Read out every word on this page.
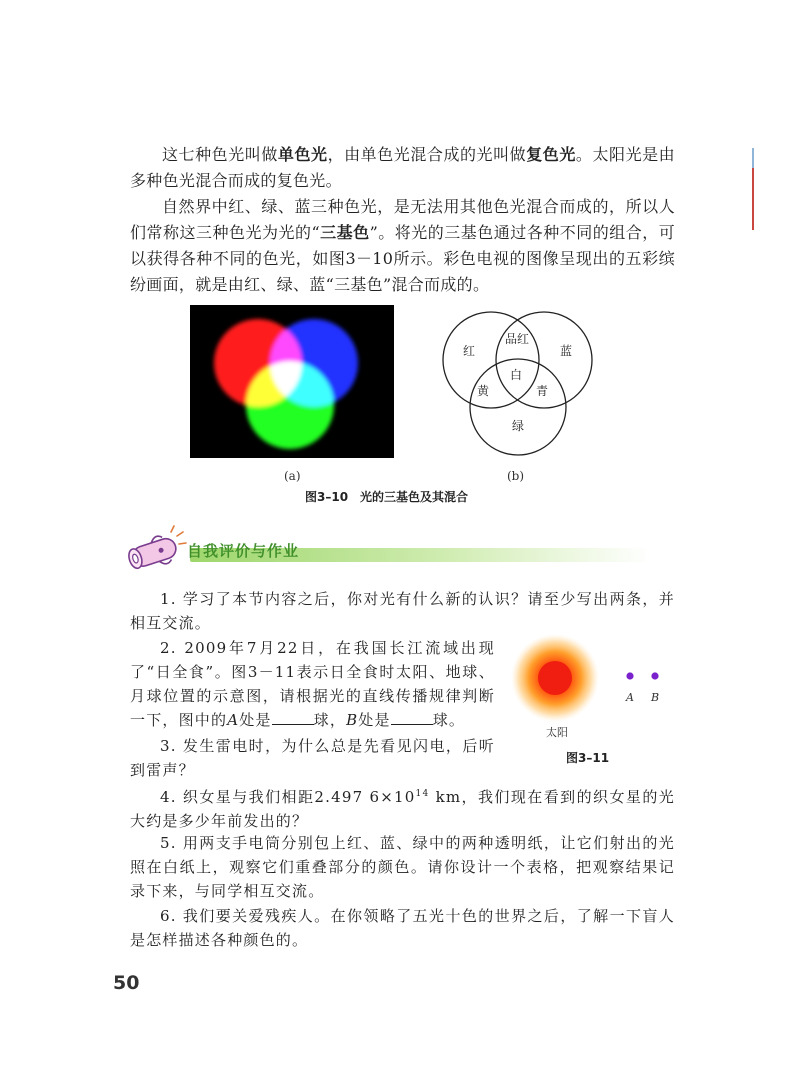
这七种色光叫做单色光，由单色光混合成的光叫做复色光。太阳光是由多种色光混合而成的复色光。
自然界中红、绿、蓝三种色光，是无法用其他色光混合而成的，所以人们常称这三种色光为光的“三基色”。将光的三基色通过各种不同的组合，可以获得各种不同的色光，如图3－10所示。彩色电视的图像呈现出的五彩缤纷画面，就是由红、绿、蓝“三基色”混合而成的。
(a)
红	蓝
品红
白
黄	青
绿
(b)
图3–10　光的三基色及其混合
自我评价与作业
1. 学习了本节内容之后，你对光有什么新的认识？请至少写出两条，并相互交流。
2. 2009年7月22日，在我国长江流域出现了“日全食”。图3－11表示日全食时太阳、地球、月球位置的示意图，请根据光的直线传播规律判断一下，图中的A处是	球，B处是	球。
3. 发生雷电时，为什么总是先看见闪电，后听到雷声？
4. 织女星与我们相距2.497 $6\times 10^{14}$ km，我们现在看到的织女星的光大约是多少年前发出的？
5. 用两支手电筒分别包上红、蓝、绿中的两种透明纸，让它们射出的光照在白纸上，观察它们重叠部分的颜色。请你设计一个表格，把观察结果记录下来，与同学相互交流。
6. 我们要关爱残疾人。在你领略了五光十色的世界之后，了解一下盲人是怎样描述各种颜色的。
A B
太阳
图3–11
50
